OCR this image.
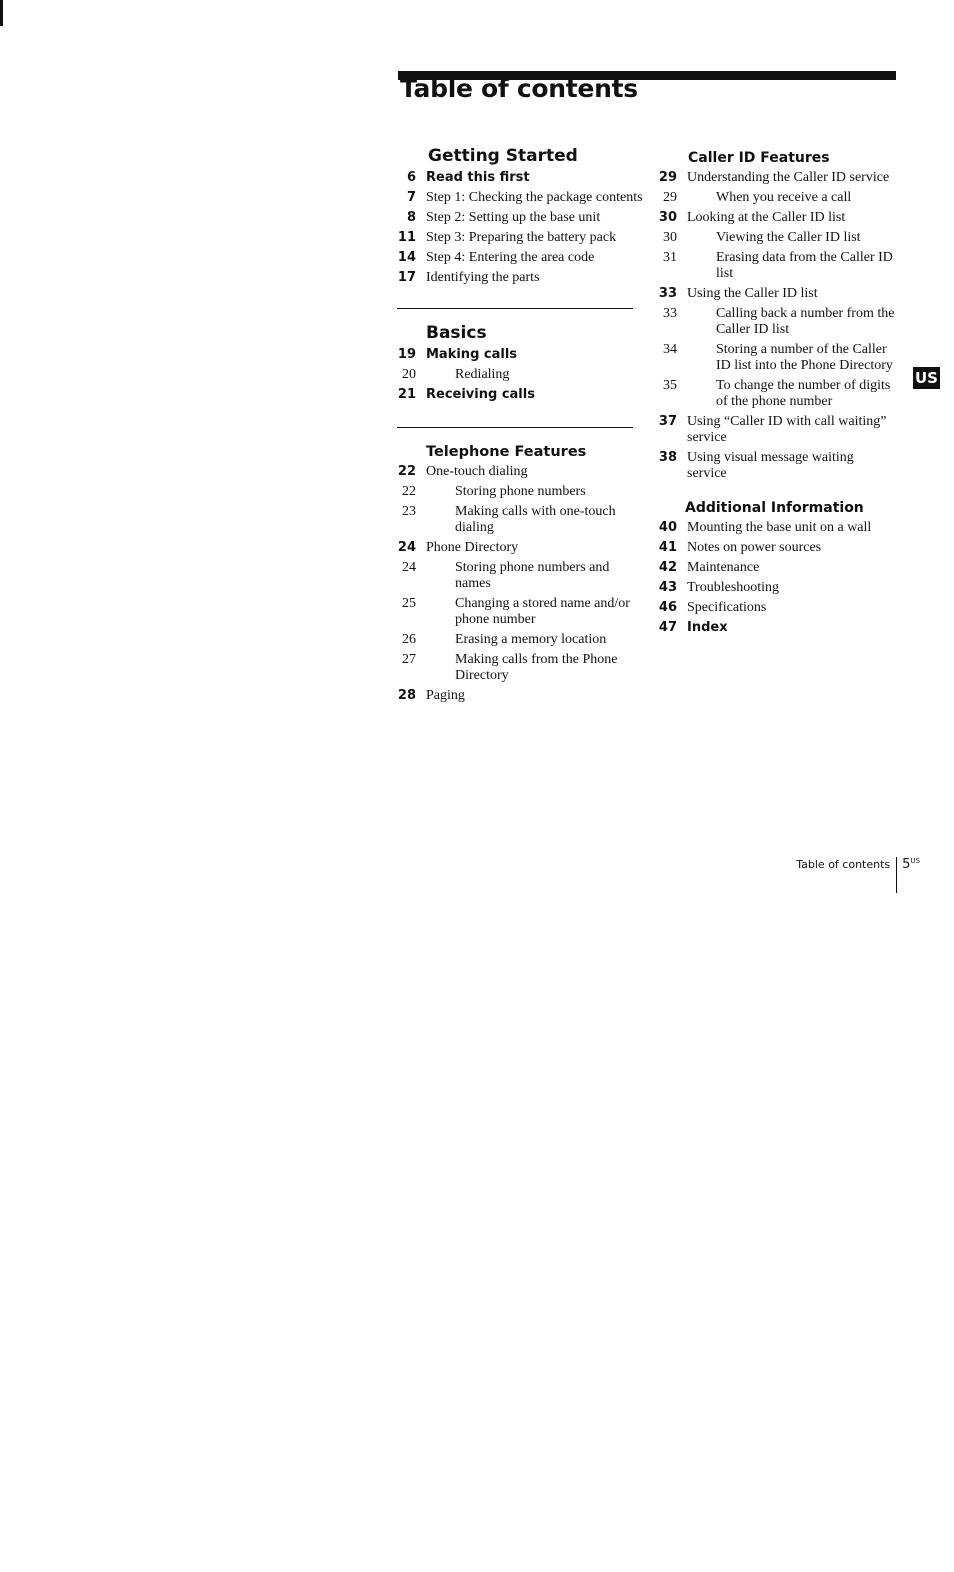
Table of contents
Getting Started
6 Read this first
7 Step 1: Checking the package contents
8 Step 2: Setting up the base unit
11 Step 3: Preparing the battery pack
14 Step 4: Entering the area code
17 Identifying the parts
Basics
19 Making calls
20	Redialing
21 Receiving calls
Telephone Features
22 One-touch dialing
22	Storing phone numbers
23	Making calls with one-touch dialing
24 Phone Directory
24	Storing phone numbers and names
25	Changing a stored name and/or phone number
26	Erasing a memory location
27	Making calls from the Phone Directory
28 Paging
Caller ID Features
29 Understanding the Caller ID service
29	When you receive a call
30 Looking at the Caller ID list
30	Viewing the Caller ID list
31	Erasing data from the Caller ID list
33 Using the Caller ID list
33	Calling back a number from the Caller ID list
34	Storing a number of the Caller ID list into the Phone Directory
35	To change the number of digits of the phone number
37 Using “Caller ID with call waiting” service
38 Using visual message waiting service
Additional Information
40 Mounting the base unit on a wall
41 Notes on power sources
42 Maintenance
43 Troubleshooting
46 Specifications
47 Index
US
Table of contents $5^{US}$
